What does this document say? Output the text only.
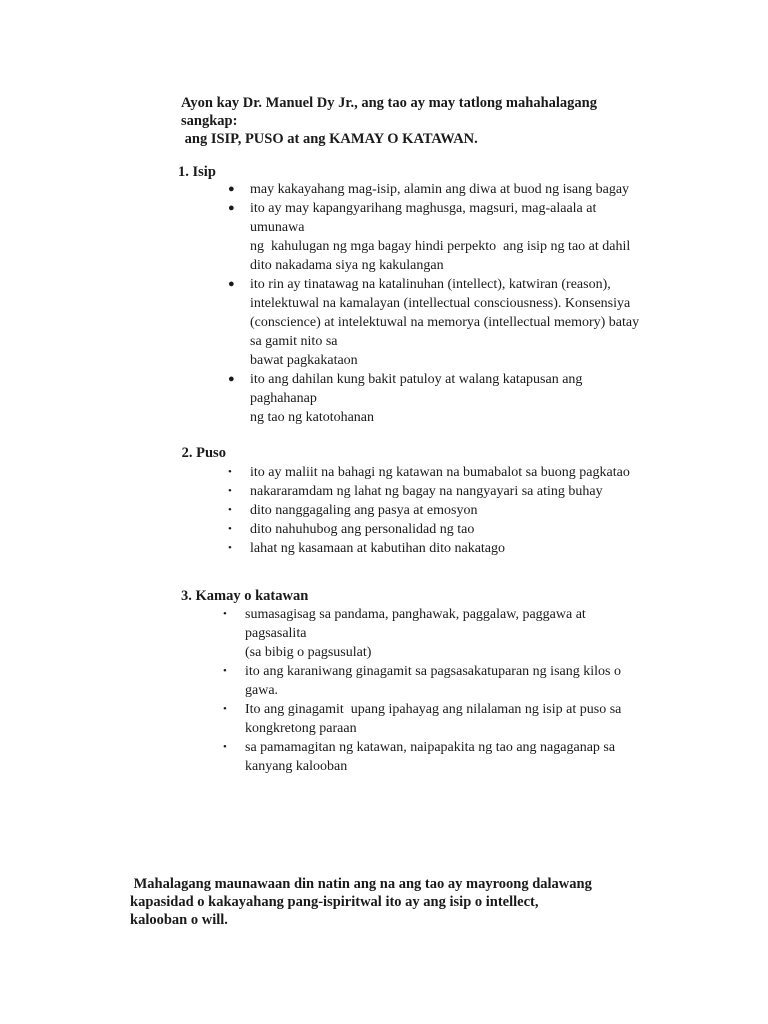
Ayon kay Dr. Manuel Dy Jr., ang tao ay may tatlong mahahalagang
sangkap:
ang ISIP, PUSO at ang KAMAY O KATAWAN.
1. Isip
● may kakayahang mag-isip, alamin ang diwa at buod ng isang bagay
● ito ay may kapangyarihang maghusga, magsuri, mag-alaala at
umunawa
ng  kahulugan ng mga bagay hindi perpekto  ang isip ng tao at dahil
dito nakadama siya ng kakulangan
● ito rin ay tinatawag na katalinuhan (intellect), katwiran (reason),
intelektuwal na kamalayan (intellectual consciousness). Konsensiya
(conscience) at intelektuwal na memorya (intellectual memory) batay
sa gamit nito sa
bawat pagkakataon
● ito ang dahilan kung bakit patuloy at walang katapusan ang
paghahanap
ng tao ng katotohanan
2. Puso
• ito ay maliit na bahagi ng katawan na bumabalot sa buong pagkatao
• nakararamdam ng lahat ng bagay na nangyayari sa ating buhay
• dito nanggagaling ang pasya at emosyon
• dito nahuhubog ang personalidad ng tao
• lahat ng kasamaan at kabutihan dito nakatago
3. Kamay o katawan
• sumasagisag sa pandama, panghawak, paggalaw, paggawa at
pagsasalita
(sa bibig o pagsusulat)
• ito ang karaniwang ginagamit sa pagsasakatuparan ng isang kilos o
gawa.
• Ito ang ginagamit  upang ipahayag ang nilalaman ng isip at puso sa
kongkretong paraan
• sa pamamagitan ng katawan, naipapakita ng tao ang nagaganap sa
kanyang kalooban
Mahalagang maunawaan din natin ang na ang tao ay mayroong dalawang
kapasidad o kakayahang pang-ispiritwal ito ay ang isip o intellect,
kalooban o will.
